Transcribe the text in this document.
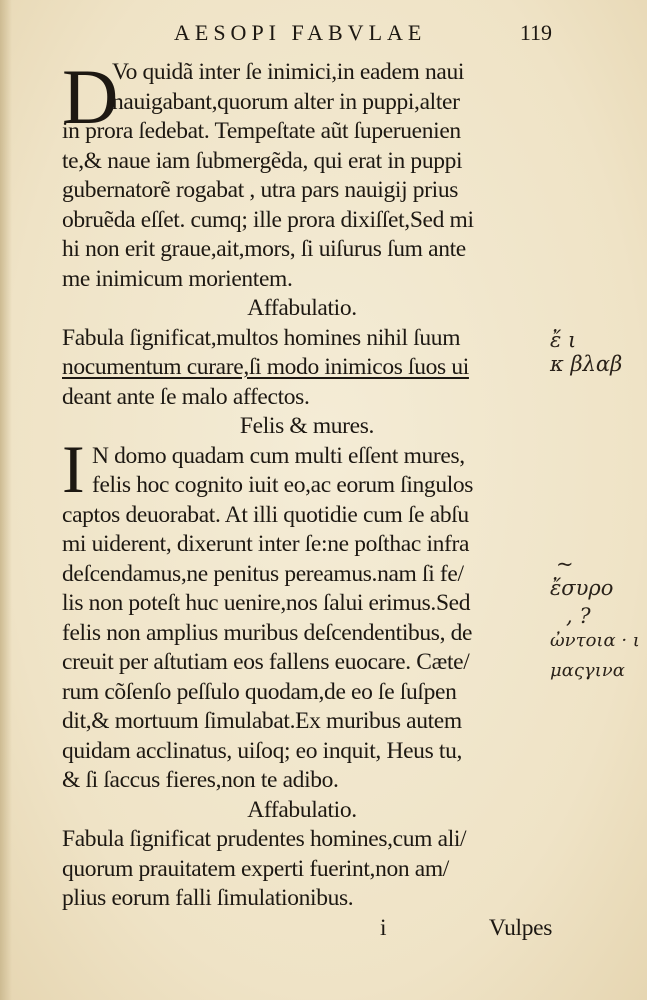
AESOPI FABVLAE	119
D
I
Vo quidã inter ſe inimici,in eadem naui
nauigabant,quorum alter in puppi,alter
in prora ſedebat. Tempeſtate aũt ſuperuenien
te,& naue iam ſubmergẽda, qui erat in puppi
gubernatorẽ rogabat , utra pars nauigij prius
obruẽda eſſet. cumq; ille prora dixiſſet,Sed mi
hi non erit graue,ait,mors, ſi uiſurus ſum ante
me inimicum morientem.
Affabulatio.
Fabula ſignificat,multos homines nihil ſuum
nocumentum curare,ſi modo inimicos ſuos ui
deant ante ſe malo affectos.
Felis & mures.
N domo quadam cum multi eſſent mures,
felis hoc cognito iuit eo,ac eorum ſingulos
captos deuorabat. At illi quotidie cum ſe abſu
mi uiderent, dixerunt inter ſe:ne poſthac infra
deſcendamus,ne penitus pereamus.nam ſi fe/
lis non poteſt huc uenire,nos ſalui erimus.Sed
felis non amplius muribus deſcendentibus, de
creuit per aſtutiam eos fallens euocare. Cæte/
rum cõſenſo peſſulo quodam,de eo ſe ſuſpen
dit,& mortuum ſimulabat.Ex muribus autem
quidam acclinatus, uiſoq; eo inquit, Heus tu,
& ſi ſaccus fieres,non te adibo.
Affabulatio.
Fabula ſignificat prudentes homines,cum ali/
quorum prauitatem experti fuerint,non am/
plius eorum falli ſimulationibus.
i	Vulpes
ἔ ι
κ βλαβ
~
ἔσυρο
, ?
ὠντοια · ι
μαςγινα
